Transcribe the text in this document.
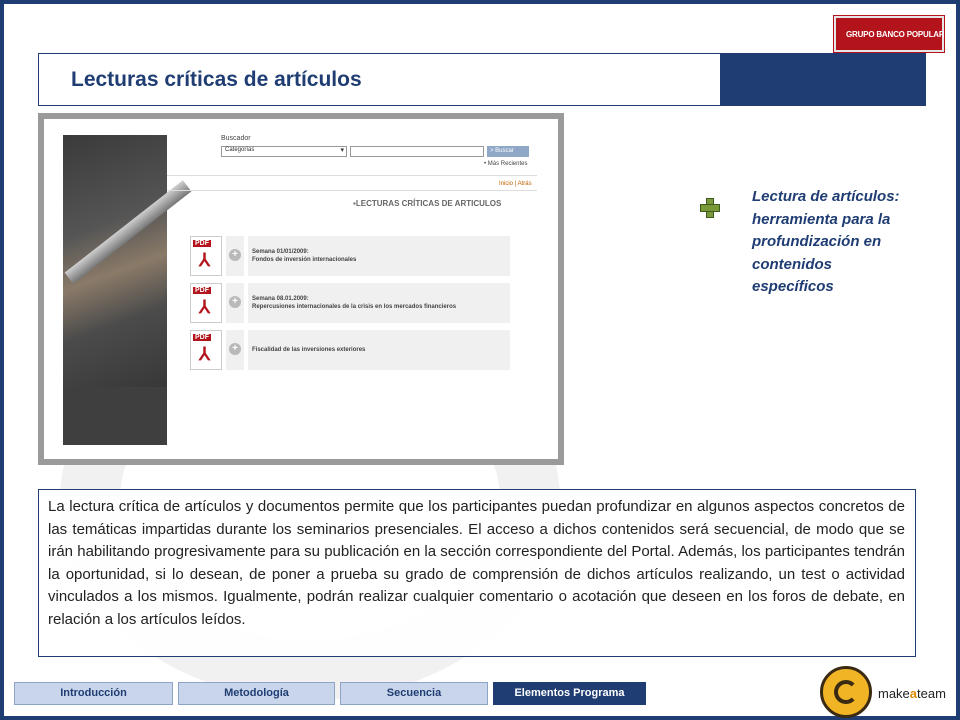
GRUPO BANCO POPULAR
Lecturas críticas de artículos
Buscador
Categorías ▾	> Buscar
• Más Recientes
Inicio | Atrás
▪LECTURAS CRÍTICAS DE ARTICULOS
PDF
⅄	+	Semana 01/01/2009:
Fondos de inversión internacionales
PDF
⅄	+	Semana 08.01.2009:
Repercusiones internacionales de la crisis en los mercados financieros
PDF
⅄	+	Fiscalidad de las inversiones exteriores
Lectura de artículos: herramienta para la profundización en contenidos específicos

La lectura crítica de artículos y documentos permite que los participantes puedan profundizar en algunos aspectos concretos de las temáticas impartidas durante los seminarios presenciales. El acceso a dichos contenidos será secuencial, de modo que se irán habilitando progresivamente para su publicación en la sección correspondiente del Portal. Además, los participantes tendrán la oportunidad, si lo desean, de poner a prueba su grado de comprensión de dichos artículos realizando, un test o actividad vinculados a los mismos. Igualmente, podrán realizar cualquier comentario o acotación que deseen en los foros de debate, en relación a los artículos leídos.

Introducción	Metodología	Secuencia	Elementos Programa	makeateam
